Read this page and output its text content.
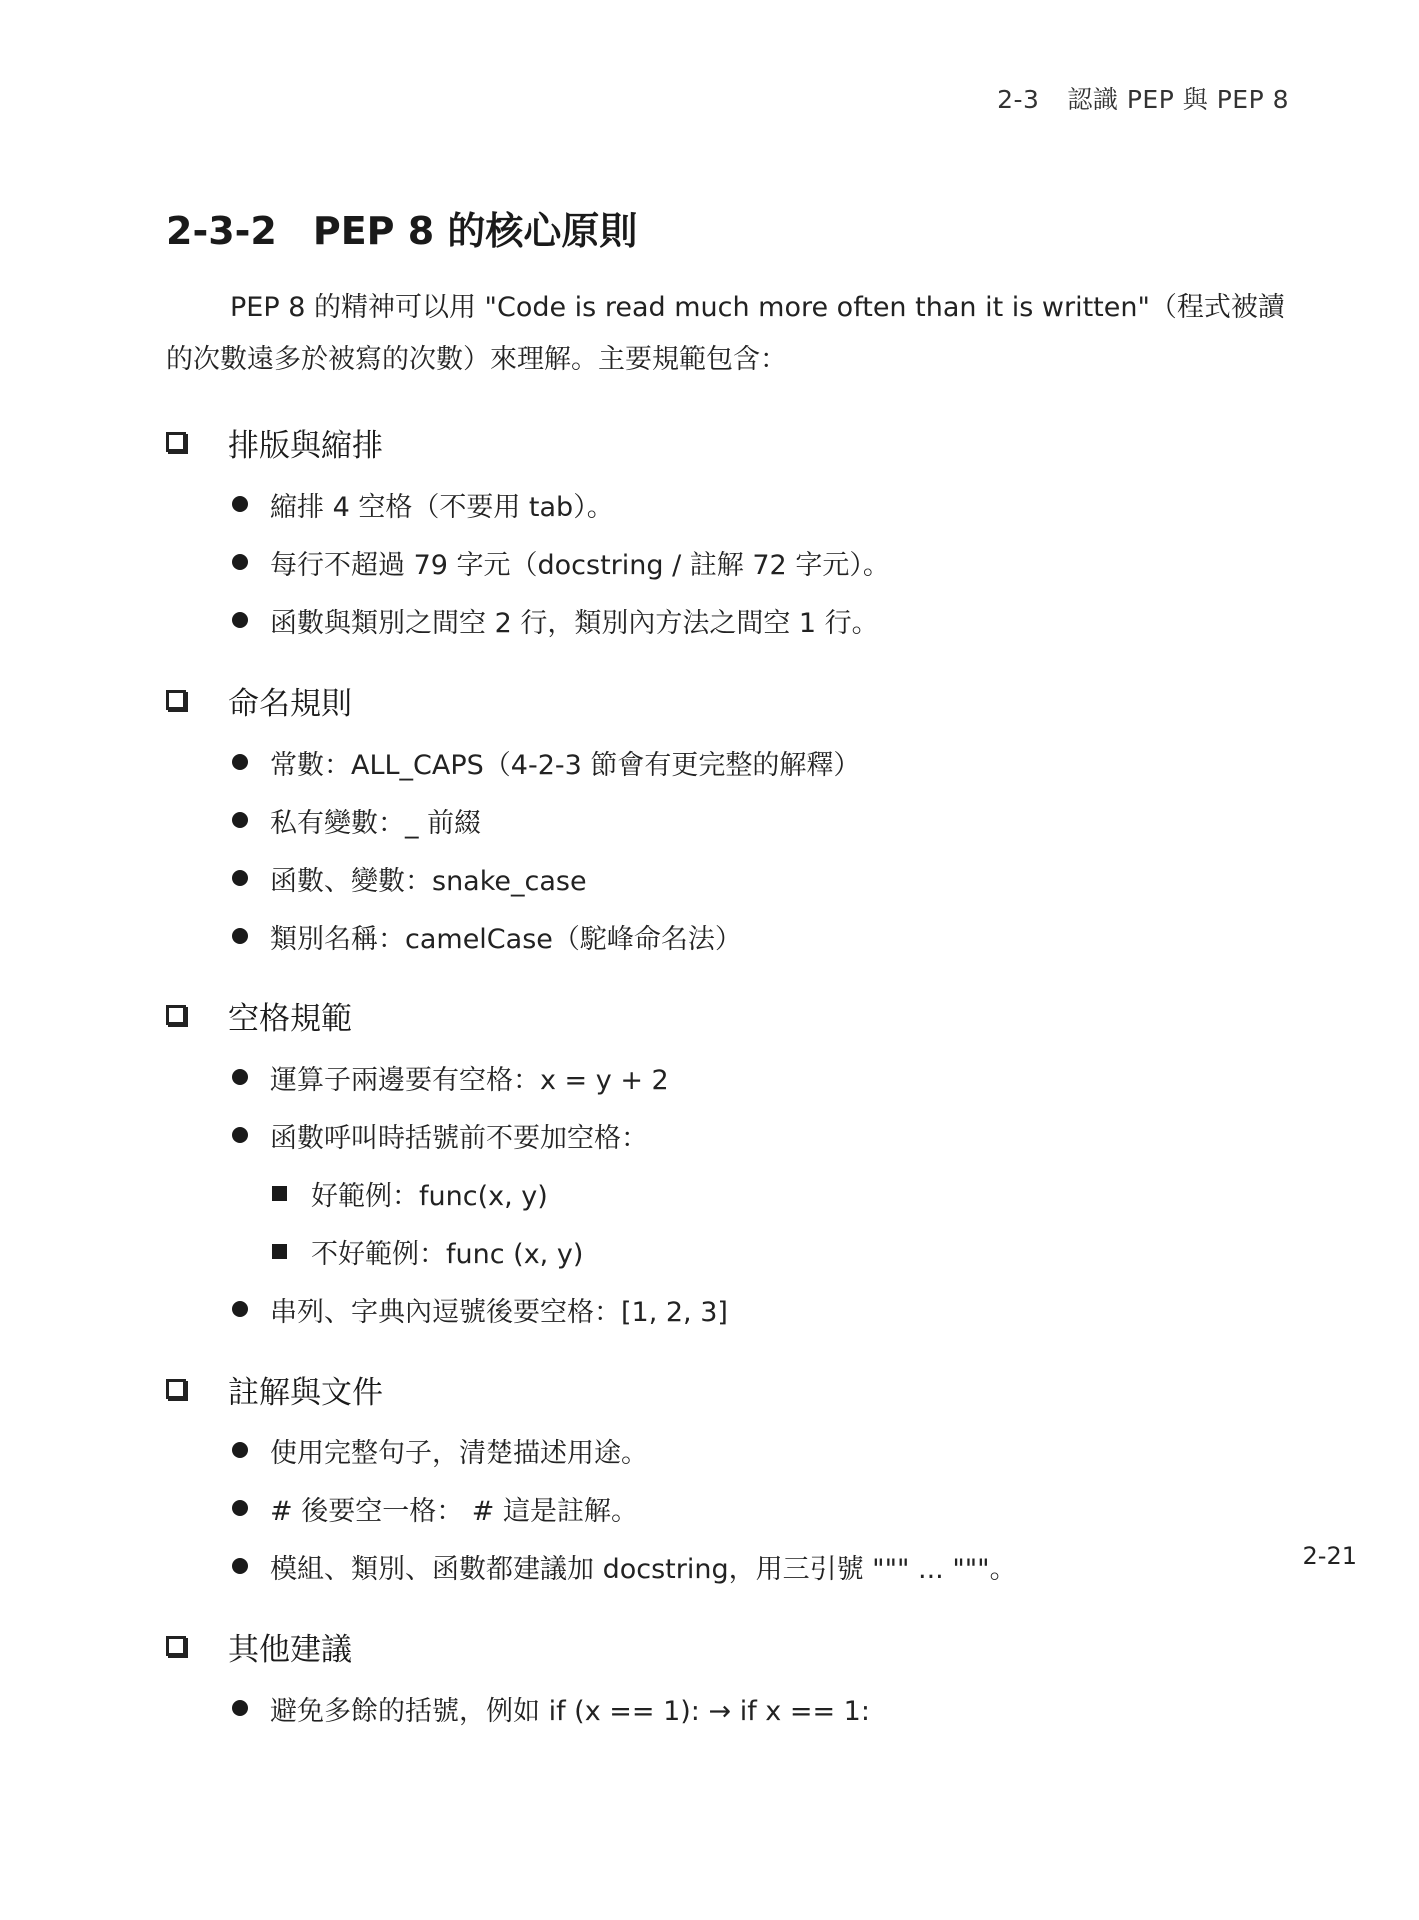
2-3 認識 PEP 與 PEP 8
2-3-2 PEP 8 的核心原則

PEP 8 的精神可以用 "Code is read much more often than it is written"（程式被讀的次數遠多於被寫的次數）來理解。主要規範包含：

排版與縮排
縮排 4 空格（不要用 tab）。
每行不超過 79 字元（docstring / 註解 72 字元）。
函數與類別之間空 2 行，類別內方法之間空 1 行。
命名規則
常數：ALL_CAPS（4-2-3 節會有更完整的解釋）
私有變數：_ 前綴
函數、變數：snake_case
類別名稱：camelCase（駝峰命名法）
空格規範
運算子兩邊要有空格：x = y + 2
函數呼叫時括號前不要加空格：
好範例：func(x, y)
不好範例：func (x, y)
串列、字典內逗號後要空格：[1, 2, 3]
註解與文件
使用完整句子，清楚描述用途。
# 後要空一格： # 這是註解。
模組、類別、函數都建議加 docstring，用三引號 """ ... """。
其他建議
避免多餘的括號，例如 if (x == 1): → if x == 1:
2-21
